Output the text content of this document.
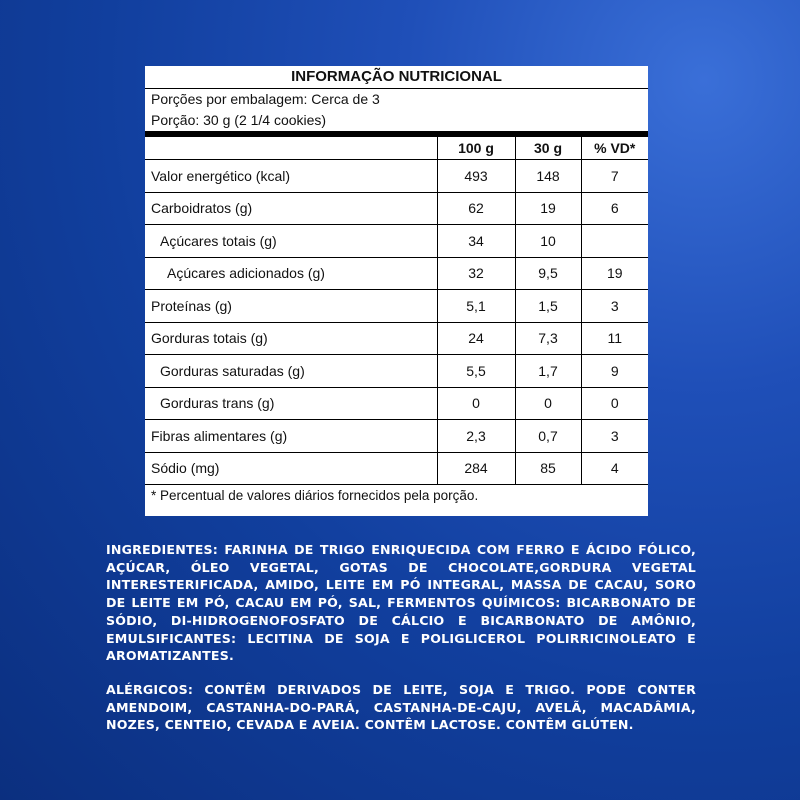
INFORMAÇÃO NUTRICIONAL
Porções por embalagem: Cerca de 3
Porção: 30 g (2 1/4 cookies)
	100 g	30 g	% VD*
Valor energético (kcal)	493	148	7
Carboidratos (g)	62	19	6
Açúcares totais (g)	34	10	
Açúcares adicionados (g)	32	9,5	19
Proteínas (g)	5,1	1,5	3
Gorduras totais (g)	24	7,3	11
Gorduras saturadas (g)	5,5	1,7	9
Gorduras trans (g)	0	0	0
Fibras alimentares (g)	2,3	0,7	3
Sódio (mg)	284	85	4
* Percentual de valores diários fornecidos pela porção.
INGREDIENTES: FARINHA DE TRIGO ENRIQUECIDA COM FERRO E ÁCIDO FÓLICO, AÇÚCAR, ÓLEO VEGETAL, GOTAS DE CHOCOLATE,GORDURA VEGETAL INTERESTERIFICADA, AMIDO, LEITE EM PÓ INTEGRAL, MASSA DE CACAU, SORO DE LEITE EM PÓ, CACAU EM PÓ, SAL, FERMENTOS QUÍMICOS: BICARBONATO DE SÓDIO, DI-HIDROGENOFOSFATO DE CÁLCIO E BICARBONATO DE AMÔNIO, EMULSIFICANTES: LECITINA DE SOJA E POLIGLICEROL POLIRRICINOLEATO E AROMATIZANTES.
ALÉRGICOS: CONTÊM DERIVADOS DE LEITE, SOJA E TRIGO. PODE CONTER AMENDOIM, CASTANHA-DO-PARÁ, CASTANHA-DE-CAJU, AVELÃ, MACADÂMIA, NOZES, CENTEIO, CEVADA E AVEIA. CONTÊM LACTOSE. CONTÊM GLÚTEN.
